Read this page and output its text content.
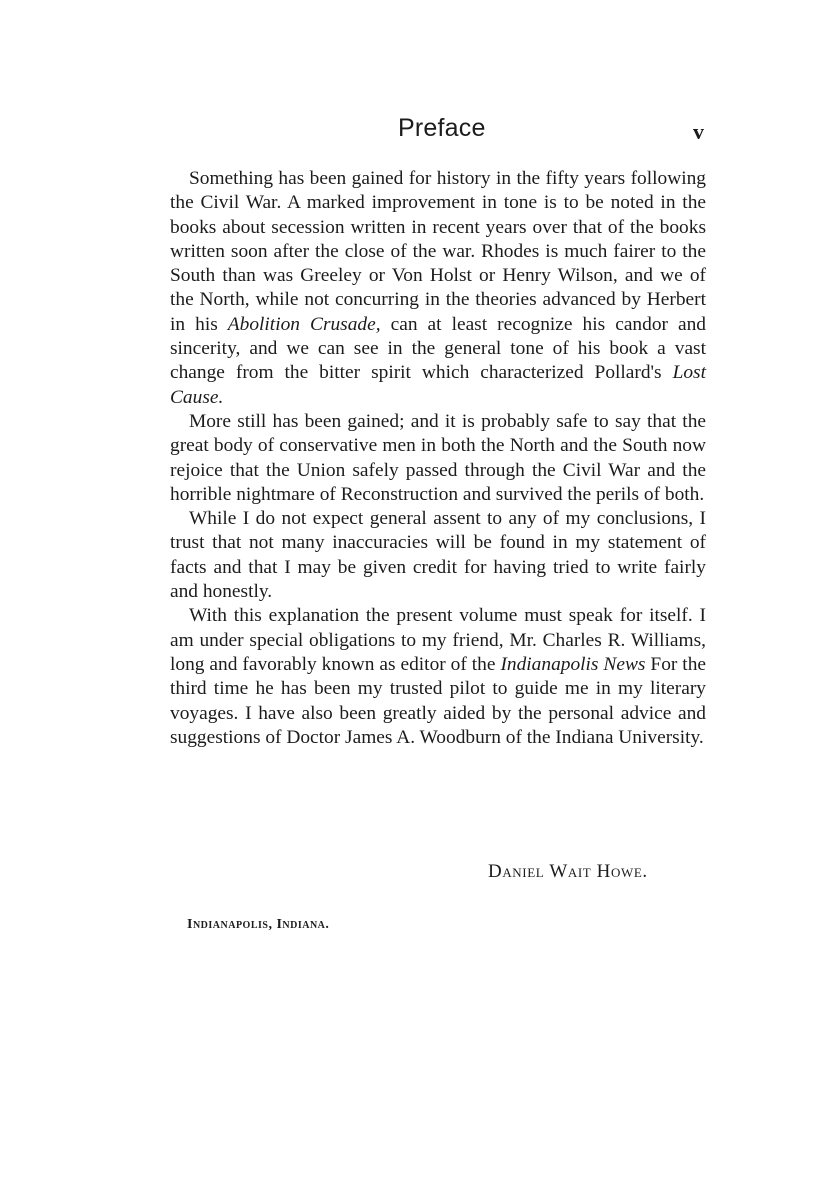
Preface	v

Something has been gained for history in the fifty years following the Civil War. A marked improvement in tone is to be noted in the books about secession written in recent years over that of the books written soon after the close of the war. Rhodes is much fairer to the South than was Greeley or Von Holst or Henry Wilson, and we of the North, while not concurring in the theories advanced by Herbert in his Abolition Crusade, can at least recognize his candor and sincerity, and we can see in the general tone of his book a vast change from the bitter spirit which characterized Pollard's Lost Cause.

More still has been gained; and it is probably safe to say that the great body of conservative men in both the North and the South now rejoice that the Union safely passed through the Civil War and the horrible nightmare of Reconstruction and survived the perils of both.

While I do not expect general assent to any of my conclusions, I trust that not many inaccuracies will be found in my statement of facts and that I may be given credit for having tried to write fairly and honestly.

With this explanation the present volume must speak for itself. I am under special obligations to my friend, Mr. Charles R. Williams, long and favorably known as editor of the Indianapolis News For the third time he has been my trusted pilot to guide me in my literary voyages. I have also been greatly aided by the personal advice and suggestions of Doctor James A. Woodburn of the Indiana University.

Daniel Wait Howe.
Indianapolis, Indiana.
